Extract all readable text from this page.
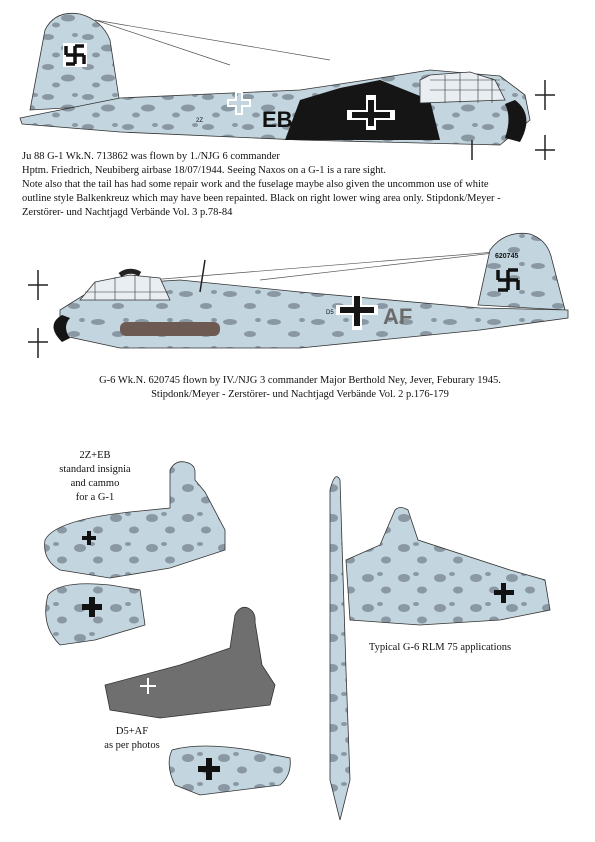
EB
2Z
Ju 88 G-1 Wk.N. 713862 was flown by 1./NJG 6 commander
Hptm. Friedrich, Neubiberg airbase 18/07/1944. Seeing Naxos on a G-1 is a rare sight.
Note also that the tail has had some repair work and the fuselage maybe also given the uncommon use of white
outline style Balkenkreuz which may have been repainted. Black on right lower wing area only. Stipdonk/Meyer -
Zerstörer- und Nachtjagd Verbände Vol. 3 p.78-84
620745
AF
D5
G-6 Wk.N. 620745 flown by IV./NJG 3 commander Major Berthold Ney, Jever, Feburary 1945.
Stipdonk/Meyer - Zerstörer- und Nachtjagd Verbände Vol. 2 p.176-179
2Z+EB
standard insignia
and cammo
for a G-1
D5+AF
as per photos
Typical G-6 RLM 75 applications
